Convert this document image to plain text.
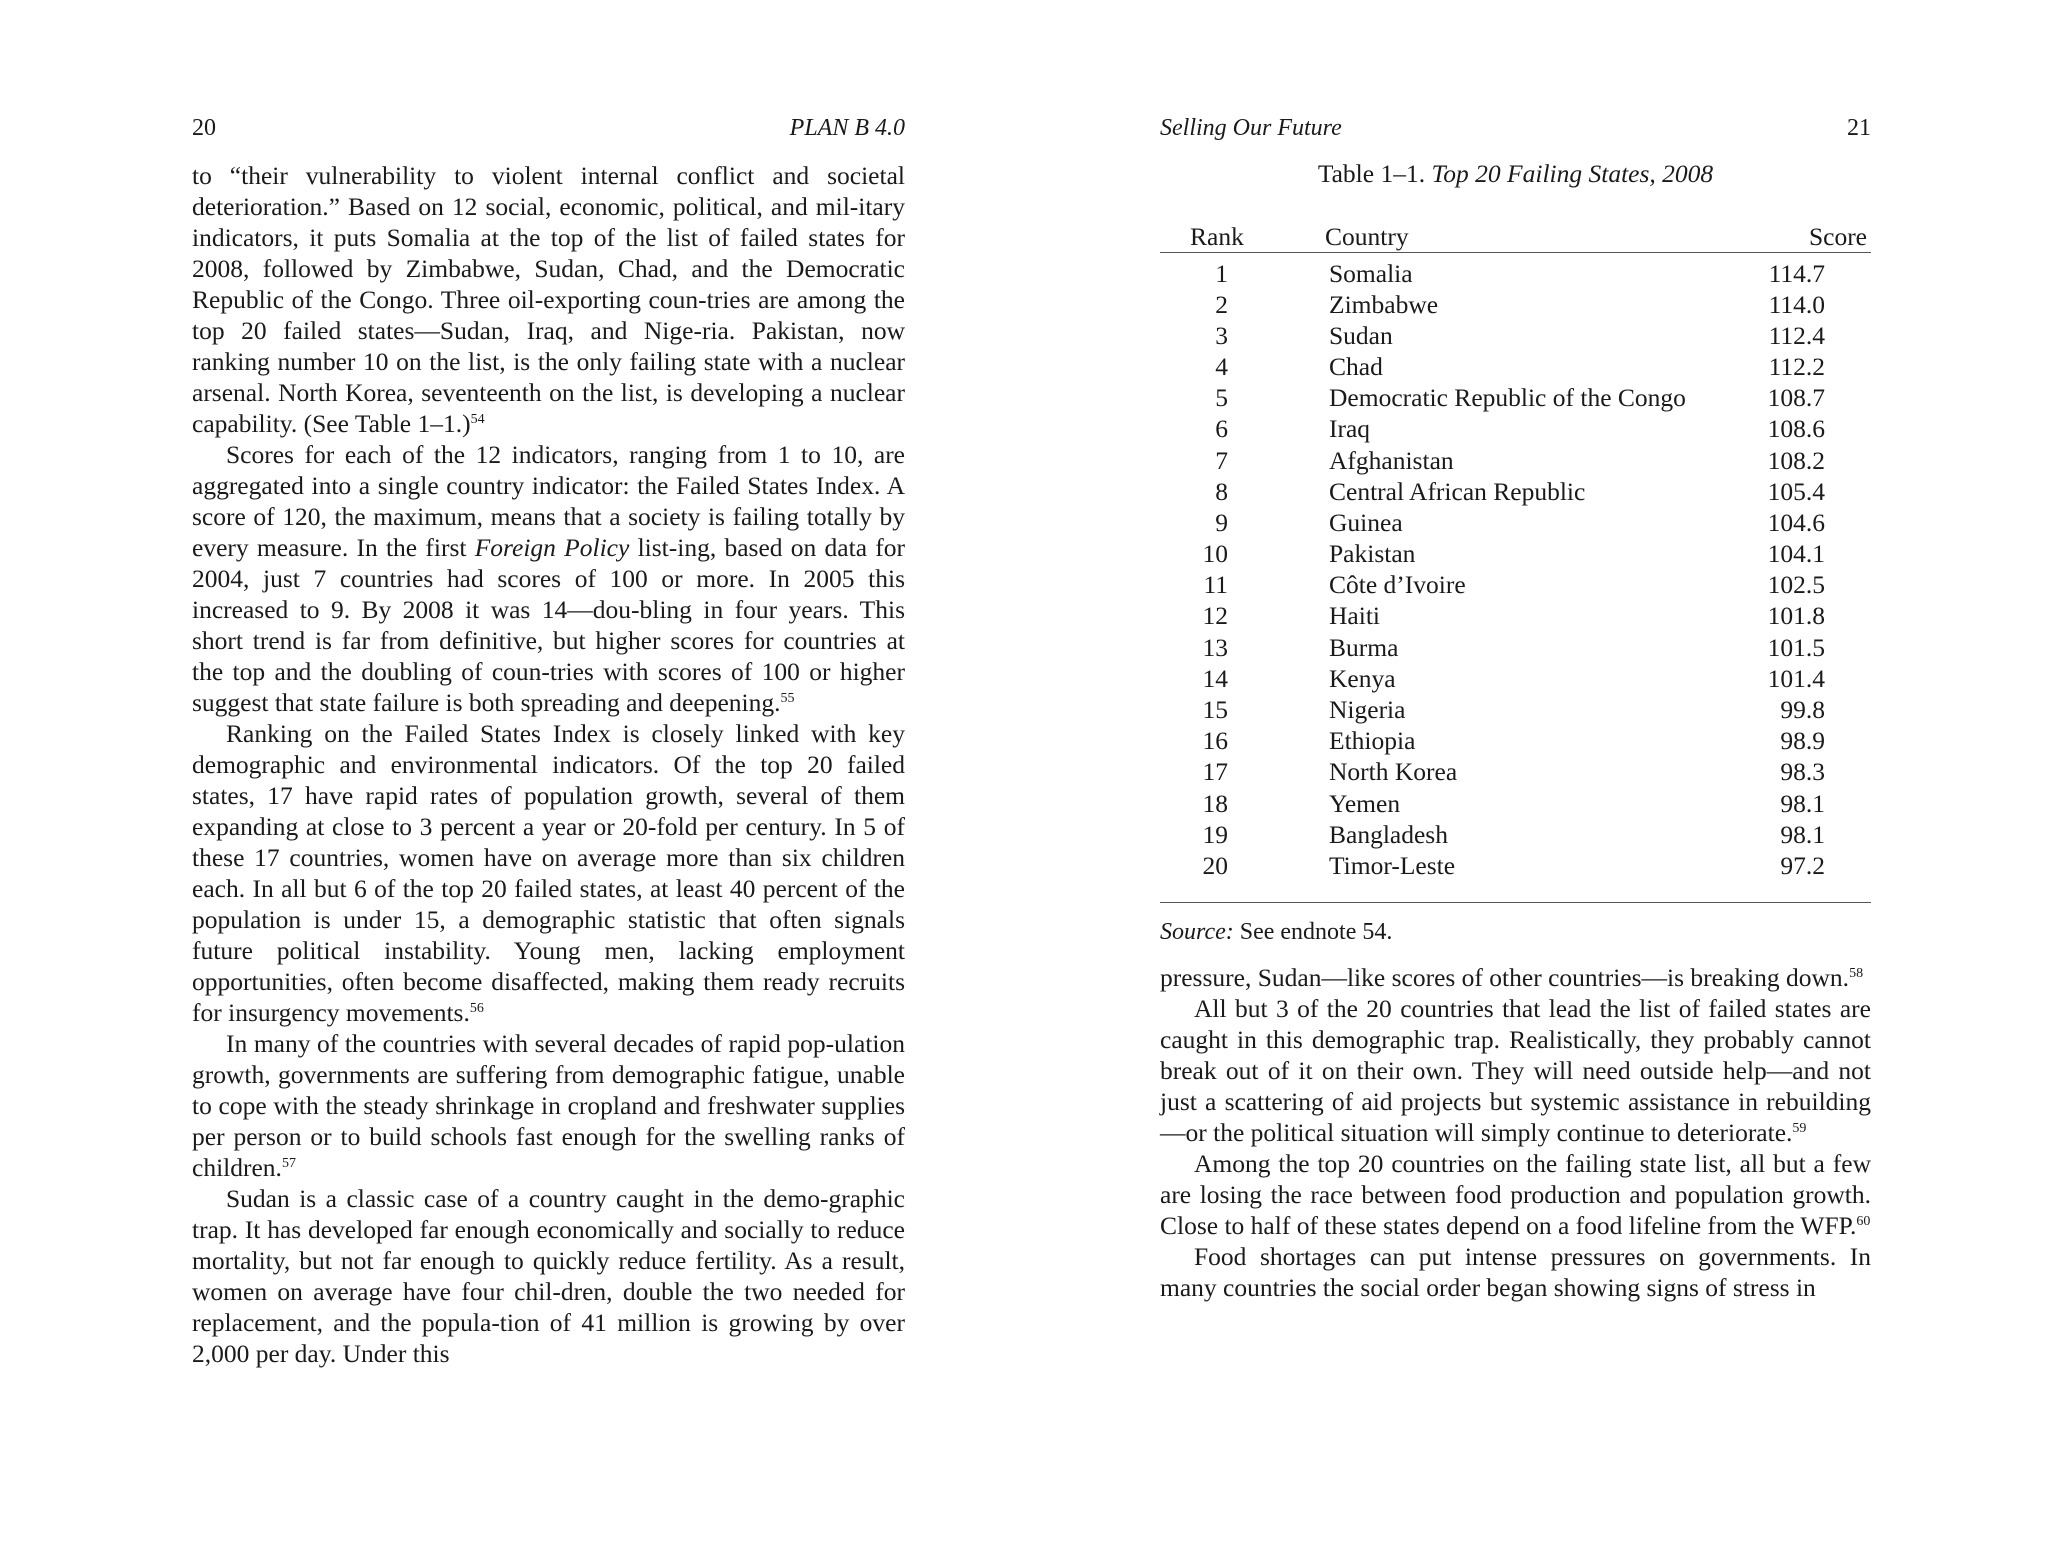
20	PLAN B 4.0

to “their vulnerability to violent internal conflict and societal deterioration.” Based on 12 social, economic, political, and mil-itary indicators, it puts Somalia at the top of the list of failed states for 2008, followed by Zimbabwe, Sudan, Chad, and the Democratic Republic of the Congo. Three oil-exporting coun-tries are among the top 20 failed states—Sudan, Iraq, and Nige-ria. Pakistan, now ranking number 10 on the list, is the only failing state with a nuclear arsenal. North Korea, seventeenth on the list, is developing a nuclear capability. (See Table 1–1.)$^{54}$

Scores for each of the 12 indicators, ranging from 1 to 10, are aggregated into a single country indicator: the Failed States Index. A score of 120, the maximum, means that a society is failing totally by every measure. In the first Foreign Policy list-ing, based on data for 2004, just 7 countries had scores of 100 or more. In 2005 this increased to 9. By 2008 it was 14—dou-bling in four years. This short trend is far from definitive, but higher scores for countries at the top and the doubling of coun-tries with scores of 100 or higher suggest that state failure is both spreading and deepening.$^{55}$

Ranking on the Failed States Index is closely linked with key demographic and environmental indicators. Of the top 20 failed states, 17 have rapid rates of population growth, several of them expanding at close to 3 percent a year or 20-fold per century. In 5 of these 17 countries, women have on average more than six children each. In all but 6 of the top 20 failed states, at least 40 percent of the population is under 15, a demographic statistic that often signals future political instability. Young men, lacking employment opportunities, often become disaffected, making them ready recruits for insurgency movements.$^{56}$

In many of the countries with several decades of rapid pop-ulation growth, governments are suffering from demographic fatigue, unable to cope with the steady shrinkage in cropland and freshwater supplies per person or to build schools fast enough for the swelling ranks of children.$^{57}$

Sudan is a classic case of a country caught in the demo-graphic trap. It has developed far enough economically and socially to reduce mortality, but not far enough to quickly reduce fertility. As a result, women on average have four chil-dren, double the two needed for replacement, and the popula-tion of 41 million is growing by over 2,000 per day. Under this

Selling Our Future	21
Table 1–1. Top 20 Failing States, 2008
Rank	Country	Score
1	Somalia	114.7
2	Zimbabwe	114.0
3	Sudan	112.4
4	Chad	112.2
5	Democratic Republic of the Congo	108.7
6	Iraq	108.6
7	Afghanistan	108.2
8	Central African Republic	105.4
9	Guinea	104.6
10	Pakistan	104.1
11	Côte d’Ivoire	102.5
12	Haiti	101.8
13	Burma	101.5
14	Kenya	101.4
15	Nigeria	99.8
16	Ethiopia	98.9
17	North Korea	98.3
18	Yemen	98.1
19	Bangladesh	98.1
20	Timor-Leste	97.2
Source: See endnote 54.

pressure, Sudan—like scores of other countries—is breaking down.$^{58}$

All but 3 of the 20 countries that lead the list of failed states are caught in this demographic trap. Realistically, they probably cannot break out of it on their own. They will need outside help—and not just a scattering of aid projects but systemic assistance in rebuilding—or the political situation will simply continue to deteriorate.$^{59}$

Among the top 20 countries on the failing state list, all but a few are losing the race between food production and population growth. Close to half of these states depend on a food lifeline from the WFP.$^{60}$

Food shortages can put intense pressures on governments. In many countries the social order began showing signs of stress in
